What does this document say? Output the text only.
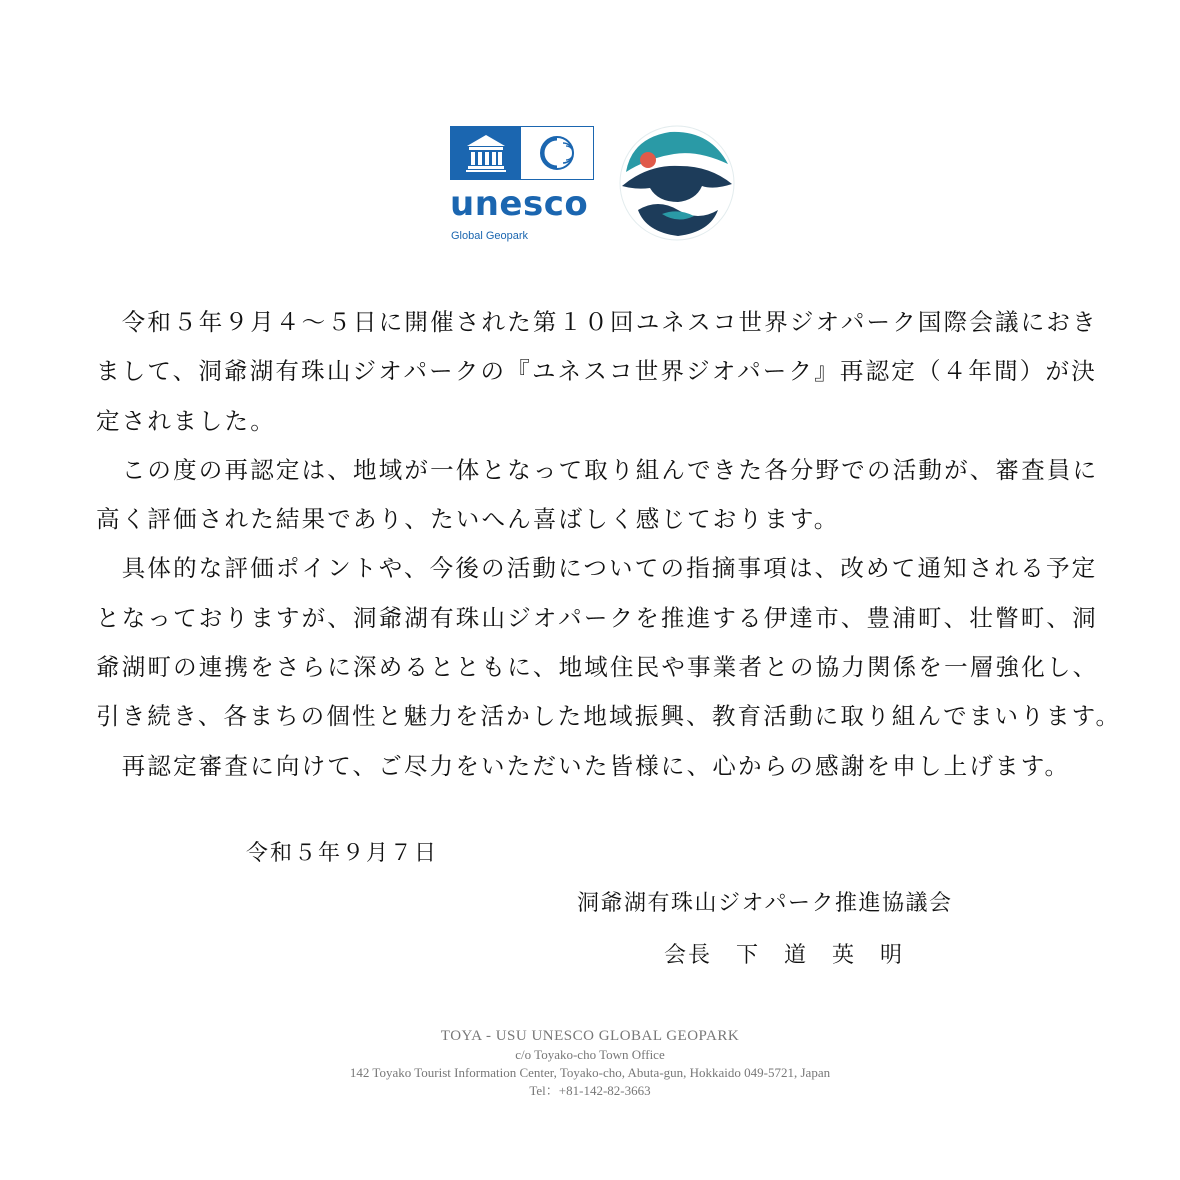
unesco
Global Geopark

　令和５年９月４～５日に開催された第１０回ユネスコ世界ジオパーク国際会議におき

まして、洞爺湖有珠山ジオパークの『ユネスコ世界ジオパーク』再認定（４年間）が決

定されました。

　この度の再認定は、地域が一体となって取り組んできた各分野での活動が、審査員に

高く評価された結果であり、たいへん喜ばしく感じております。

　具体的な評価ポイントや、今後の活動についての指摘事項は、改めて通知される予定

となっておりますが、洞爺湖有珠山ジオパークを推進する伊達市、豊浦町、壮瞥町、洞

爺湖町の連携をさらに深めるとともに、地域住民や事業者との協力関係を一層強化し、

引き続き、各まちの個性と魅力を活かした地域振興、教育活動に取り組んでまいります。

　再認定審査に向けて、ご尽力をいただいた皆様に、心からの感謝を申し上げます。

令和５年９月７日
洞爺湖有珠山ジオパーク推進協議会
会長　下　道　英　明
TOYA - USU UNESCO GLOBAL GEOPARK
c/o Toyako-cho Town Office
142 Toyako Tourist Information Center, Toyako-cho, Abuta-gun, Hokkaido 049-5721, Japan
Tel：+81-142-82-3663
